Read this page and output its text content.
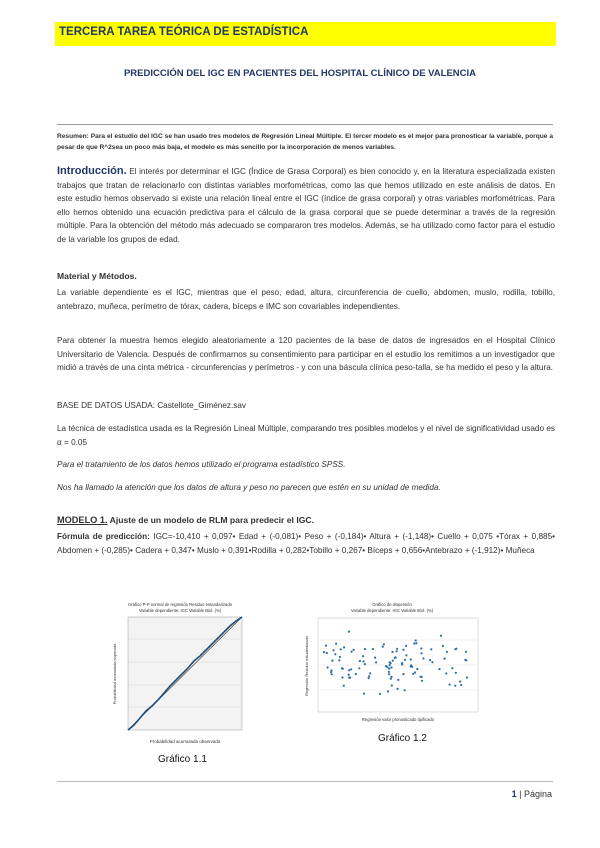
TERCERA TAREA TEÓRICA DE ESTADÍSTICA
PREDICCIÓN DEL IGC EN PACIENTES DEL HOSPITAL CLÍNICO DE VALENCIA
Resumen: Para el estudio del IGC se han usado tres modelos de Regresión Lineal Múltiple. El tercer modelo es el mejor para pronosticar la variable, porque a pesar de que R^2sea un poco más baja, el modelo es más sencillo por la incorporación de menos variables.
Introducción. El interés por determinar el IGC (Índice de Grasa Corporal) es bien conocido y, en la literatura especializada existen trabajos que tratan de relacionarlo con distintas variables morfométricas, como las que hemos utilizado en este análisis de datos. En este estudio hemos observado si existe una relación lineal entre el IGC (índice de grasa corporal) y otras variables morfométricas. Para ello hemos obtenido una ecuación predictiva para el cálculo de la grasa corporal que se puede determinar a través de la regresión múltiple. Para la obtención del método más adecuado se compararon tres modelos. Además, se ha utilizado como factor para el estudio de la variable los grupos de edad.
Material y Métodos.
La variable dependiente es el IGC, mientras que el peso, edad, altura, circunferencia de cuello, abdomen, muslo, rodilla, tobillo, antebrazo, muñeca, perímetro de tórax, cadera, bíceps e IMC son covariables independientes.
Para obtener la muestra hemos elegido aleatoriamente a 120 pacientes de la base de datos de ingresados en el Hospital Clínico Universitario de Valencia. Después de confirmarnos su consentimiento para participar en el estudio los remitimos a un investigador que midió a través de una cinta métrica - circunferencias y perímetros - y con una báscula clínica peso-talla, se ha medido el peso y la altura.
BASE DE DATOS USADA: Castellote_Giménez.sav
La técnica de estadística usada es la Regresión Lineal Múltiple, comparando tres posibles modelos y el nivel de significatividad usado es α = 0.05
Para el tratamiento de los datos hemos utilizado el programa estadístico SPSS.
Nos ha llamado la atención que los datos de altura y peso no parecen que estén en su unidad de medida.
MODELO 1. Ajuste de un modelo de RLM para predecir el IGC.
Fórmula de predicción: IGC=-10,410 + 0,097• Edad + (-0,081)• Peso + (-0,184)• Altura + (-1,148)• Cuello + 0,075 •Tórax + 0,885• Abdomen + (-0,285)• Cadera + 0,347• Muslo + 0,391•Rodilla + 0,282•Tobillo + 0,267• Bíceps + 0,656•Antebrazo + (-1,912)• Muñeca
Gráfico P-P normal de regresión Residuo estandarizado
Variable dependiente: IGC Variable Biol. (%)
Probabilidad acumulada esperada
Probabilidad acumulada observada
Gráfico 1.1
Gráfico de dispersión
Variable dependiente: IGC Variable Biol. (%)
Regresión Residuo estudentizado
Regresión valor pronosticado tipificado
Gráfico 1.2
1 | Página
